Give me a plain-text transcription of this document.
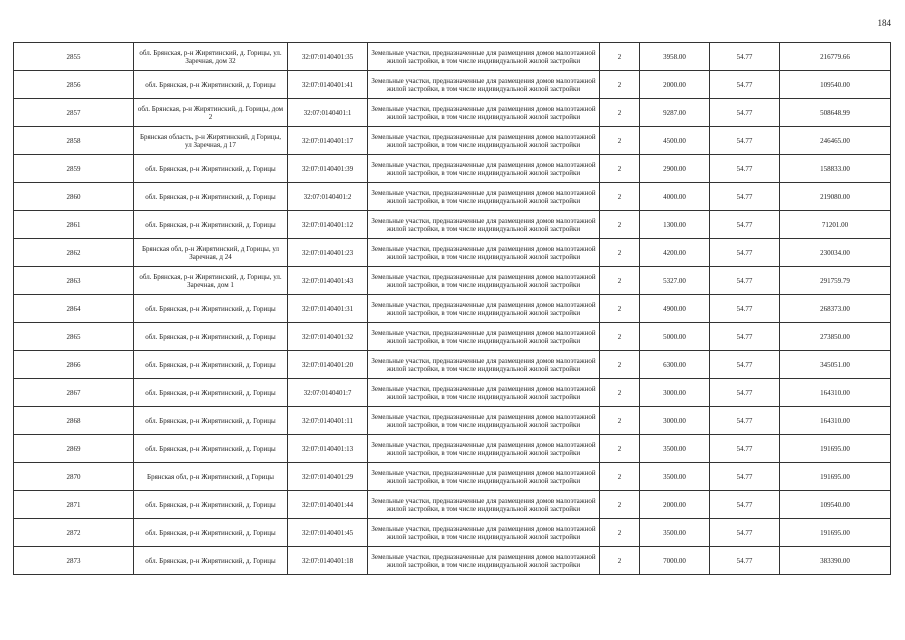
184
2855	обл. Брянская, р-н Жирятинский, д. Горицы, ул. Заречная, дом 32	32:07:0140401:35	Земельные участки, предназначенные для размещения домов малоэтажной жилой застройки, в том числе индивидуальной жилой застройки	2	3958.00	54.77	216779.66
2856	обл. Брянская, р-н Жирятинский, д. Горицы	32:07:0140401:41	Земельные участки, предназначенные для размещения домов малоэтажной жилой застройки, в том числе индивидуальной жилой застройки	2	2000.00	54.77	109540.00
2857	обл. Брянская, р-н Жирятинский, д. Горицы, дом 2	32:07:0140401:1	Земельные участки, предназначенные для размещения домов малоэтажной жилой застройки, в том числе индивидуальной жилой застройки	2	9287.00	54.77	508648.99
2858	Брянская область, р-н Жирятинский, д Горицы, ул Заречная, д 17	32:07:0140401:17	Земельные участки, предназначенные для размещения домов малоэтажной жилой застройки, в том числе индивидуальной жилой застройки	2	4500.00	54.77	246465.00
2859	обл. Брянская, р-н Жирятинский, д. Горицы	32:07:0140401:39	Земельные участки, предназначенные для размещения домов малоэтажной жилой застройки, в том числе индивидуальной жилой застройки	2	2900.00	54.77	158833.00
2860	обл. Брянская, р-н Жирятинский, д. Горицы	32:07:0140401:2	Земельные участки, предназначенные для размещения домов малоэтажной жилой застройки, в том числе индивидуальной жилой застройки	2	4000.00	54.77	219080.00
2861	обл. Брянская, р-н Жирятинский, д. Горицы	32:07:0140401:12	Земельные участки, предназначенные для размещения домов малоэтажной жилой застройки, в том числе индивидуальной жилой застройки	2	1300.00	54.77	71201.00
2862	Брянская обл, р-н Жирятинский, д Горицы, ул Заречная, д 24	32:07:0140401:23	Земельные участки, предназначенные для размещения домов малоэтажной жилой застройки, в том числе индивидуальной жилой застройки	2	4200.00	54.77	230034.00
2863	обл. Брянская, р-н Жирятинский, д. Горицы, ул. Заречная, дом 1	32:07:0140401:43	Земельные участки, предназначенные для размещения домов малоэтажной жилой застройки, в том числе индивидуальной жилой застройки	2	5327.00	54.77	291759.79
2864	обл. Брянская, р-н Жирятинский, д. Горицы	32:07:0140401:31	Земельные участки, предназначенные для размещения домов малоэтажной жилой застройки, в том числе индивидуальной жилой застройки	2	4900.00	54.77	268373.00
2865	обл. Брянская, р-н Жирятинский, д. Горицы	32:07:0140401:32	Земельные участки, предназначенные для размещения домов малоэтажной жилой застройки, в том числе индивидуальной жилой застройки	2	5000.00	54.77	273850.00
2866	обл. Брянская, р-н Жирятинский, д. Горицы	32:07:0140401:20	Земельные участки, предназначенные для размещения домов малоэтажной жилой застройки, в том числе индивидуальной жилой застройки	2	6300.00	54.77	345051.00
2867	обл. Брянская, р-н Жирятинский, д. Горицы	32:07:0140401:7	Земельные участки, предназначенные для размещения домов малоэтажной жилой застройки, в том числе индивидуальной жилой застройки	2	3000.00	54.77	164310.00
2868	обл. Брянская, р-н Жирятинский, д. Горицы	32:07:0140401:11	Земельные участки, предназначенные для размещения домов малоэтажной жилой застройки, в том числе индивидуальной жилой застройки	2	3000.00	54.77	164310.00
2869	обл. Брянская, р-н Жирятинский, д. Горицы	32:07:0140401:13	Земельные участки, предназначенные для размещения домов малоэтажной жилой застройки, в том числе индивидуальной жилой застройки	2	3500.00	54.77	191695.00
2870	Брянская обл, р-н Жирятинский, д Горицы	32:07:0140401:29	Земельные участки, предназначенные для размещения домов малоэтажной жилой застройки, в том числе индивидуальной жилой застройки	2	3500.00	54.77	191695.00
2871	обл. Брянская, р-н Жирятинский, д. Горицы	32:07:0140401:44	Земельные участки, предназначенные для размещения домов малоэтажной жилой застройки, в том числе индивидуальной жилой застройки	2	2000.00	54.77	109540.00
2872	обл. Брянская, р-н Жирятинский, д. Горицы	32:07:0140401:45	Земельные участки, предназначенные для размещения домов малоэтажной жилой застройки, в том числе индивидуальной жилой застройки	2	3500.00	54.77	191695.00
2873	обл. Брянская, р-н Жирятинский, д. Горицы	32:07:0140401:18	Земельные участки, предназначенные для размещения домов малоэтажной жилой застройки, в том числе индивидуальной жилой застройки	2	7000.00	54.77	383390.00
